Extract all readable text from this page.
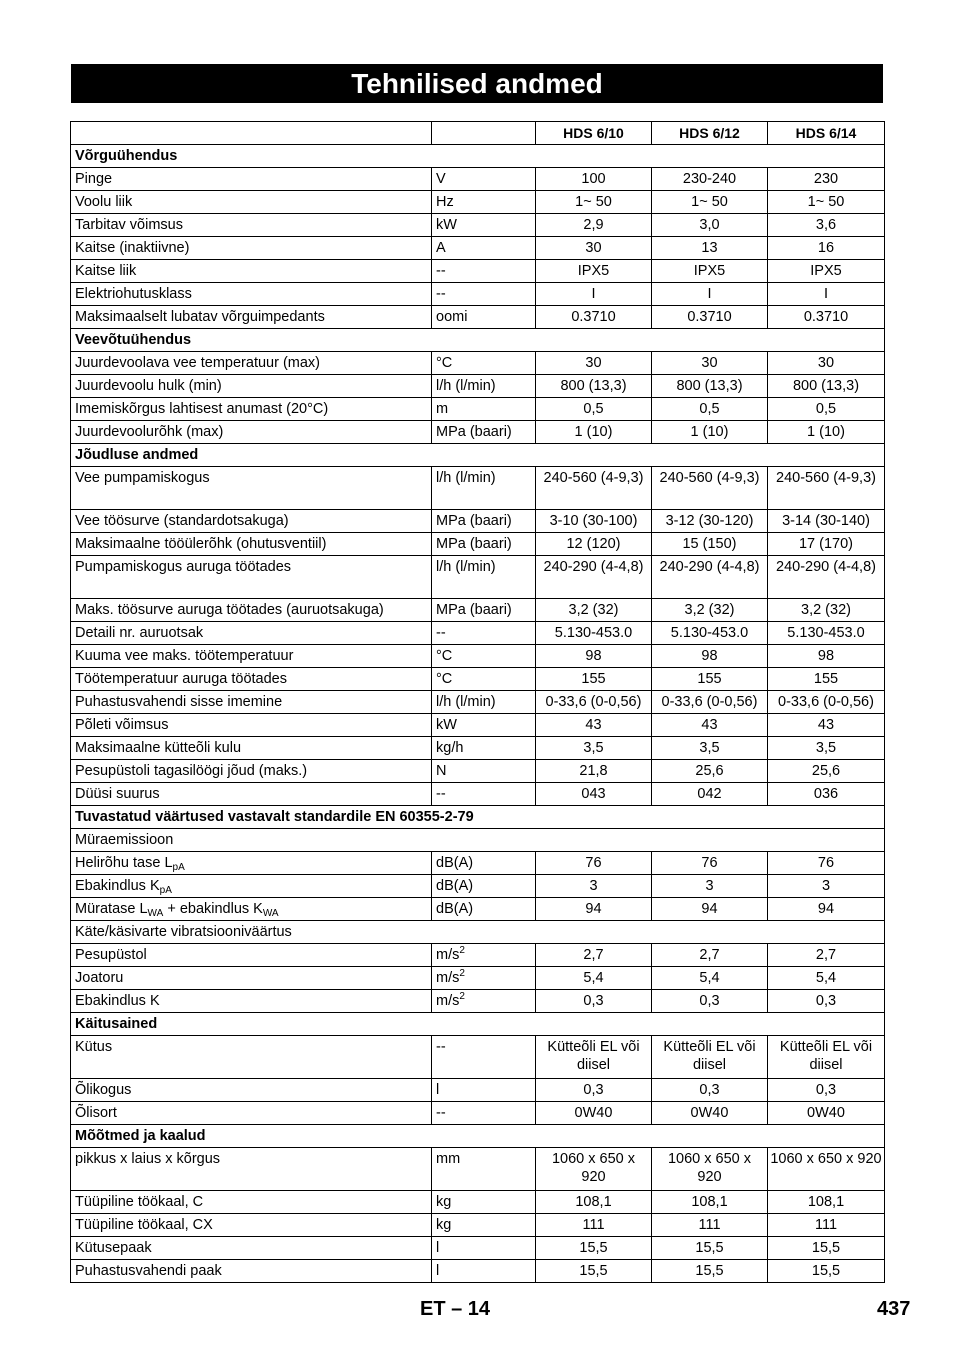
Tehnilised andmed
		HDS 6/10	HDS 6/12	HDS 6/14
Võrguühendus				
Pinge	V	100	230-240	230
Voolu liik	Hz	1~ 50	1~ 50	1~ 50
Tarbitav võimsus	kW	2,9	3,0	3,6
Kaitse (inaktiivne)	A	30	13	16
Kaitse liik	--	IPX5	IPX5	IPX5
Elektriohutusklass	--	I	I	I
Maksimaalselt lubatav võrguimpedants	oomi	0.3710	0.3710	0.3710
Veevõtuühendus				
Juurdevoolava vee temperatuur (max)	°C	30	30	30
Juurdevoolu hulk (min)	l/h (l/min)	800 (13,3)	800 (13,3)	800 (13,3)
Imemiskõrgus lahtisest anumast (20°C)	m	0,5	0,5	0,5
Juurdevoolurõhk (max)	MPa (baari)	1 (10)	1 (10)	1 (10)
Jõudluse andmed				
Vee pumpamiskogus	l/h (l/min)	240-560 (4-9,3)	240-560 (4-9,3)	240-560 (4-9,3)
Vee töösurve (standardotsakuga)	MPa (baari)	3-10 (30-100)	3-12 (30-120)	3-14 (30-140)
Maksimaalne tööülerõhk (ohutusventiil)	MPa (baari)	12 (120)	15 (150)	17 (170)
Pumpamiskogus auruga töötades	l/h (l/min)	240-290 (4-4,8)	240-290 (4-4,8)	240-290 (4-4,8)
Maks. töösurve auruga töötades (auruotsakuga)	MPa (baari)	3,2 (32)	3,2 (32)	3,2 (32)
Detaili nr. auruotsak	--	5.130-453.0	5.130-453.0	5.130-453.0
Kuuma vee maks. töötemperatuur	°C	98	98	98
Töötemperatuur auruga töötades	°C	155	155	155
Puhastusvahendi sisse imemine	l/h (l/min)	0-33,6 (0-0,56)	0-33,6 (0-0,56)	0-33,6 (0-0,56)
Põleti võimsus	kW	43	43	43
Maksimaalne kütteõli kulu	kg/h	3,5	3,5	3,5
Pesupüstoli tagasilöögi jõud (maks.)	N	21,8	25,6	25,6
Düüsi suurus	--	043	042	036
Tuvastatud väärtused vastavalt standardile EN 60355-2-79				
Müraemissioon				
Helirõhu tase $L_{pA}$	dB(A)	76	76	76
Ebakindlus $K_{pA}$	dB(A)	3	3	3
Müratase $L_{WA}$ + ebakindlus $K_{WA}$	dB(A)	94	94	94
Käte/käsivarte vibratsiooniväärtus				
Pesupüstol	$m/s^2$	2,7	2,7	2,7
Joatoru	$m/s^2$	5,4	5,4	5,4
Ebakindlus K	$m/s^2$	0,3	0,3	0,3
Käitusained				
Kütus	--	Kütteõli EL või diisel	Kütteõli EL või diisel	Kütteõli EL või diisel
Õlikogus	l	0,3	0,3	0,3
Õlisort	--	0W40	0W40	0W40
Mõõtmed ja kaalud				
pikkus x laius x kõrgus	mm	1060 x 650 x 920	1060 x 650 x 920	1060 x 650 x 920
Tüüpiline töökaal, C	kg	108,1	108,1	108,1
Tüüpiline töökaal, CX	kg	111	111	111
Kütusepaak	l	15,5	15,5	15,5
Puhastusvahendi paak	l	15,5	15,5	15,5
ET – 14	437
